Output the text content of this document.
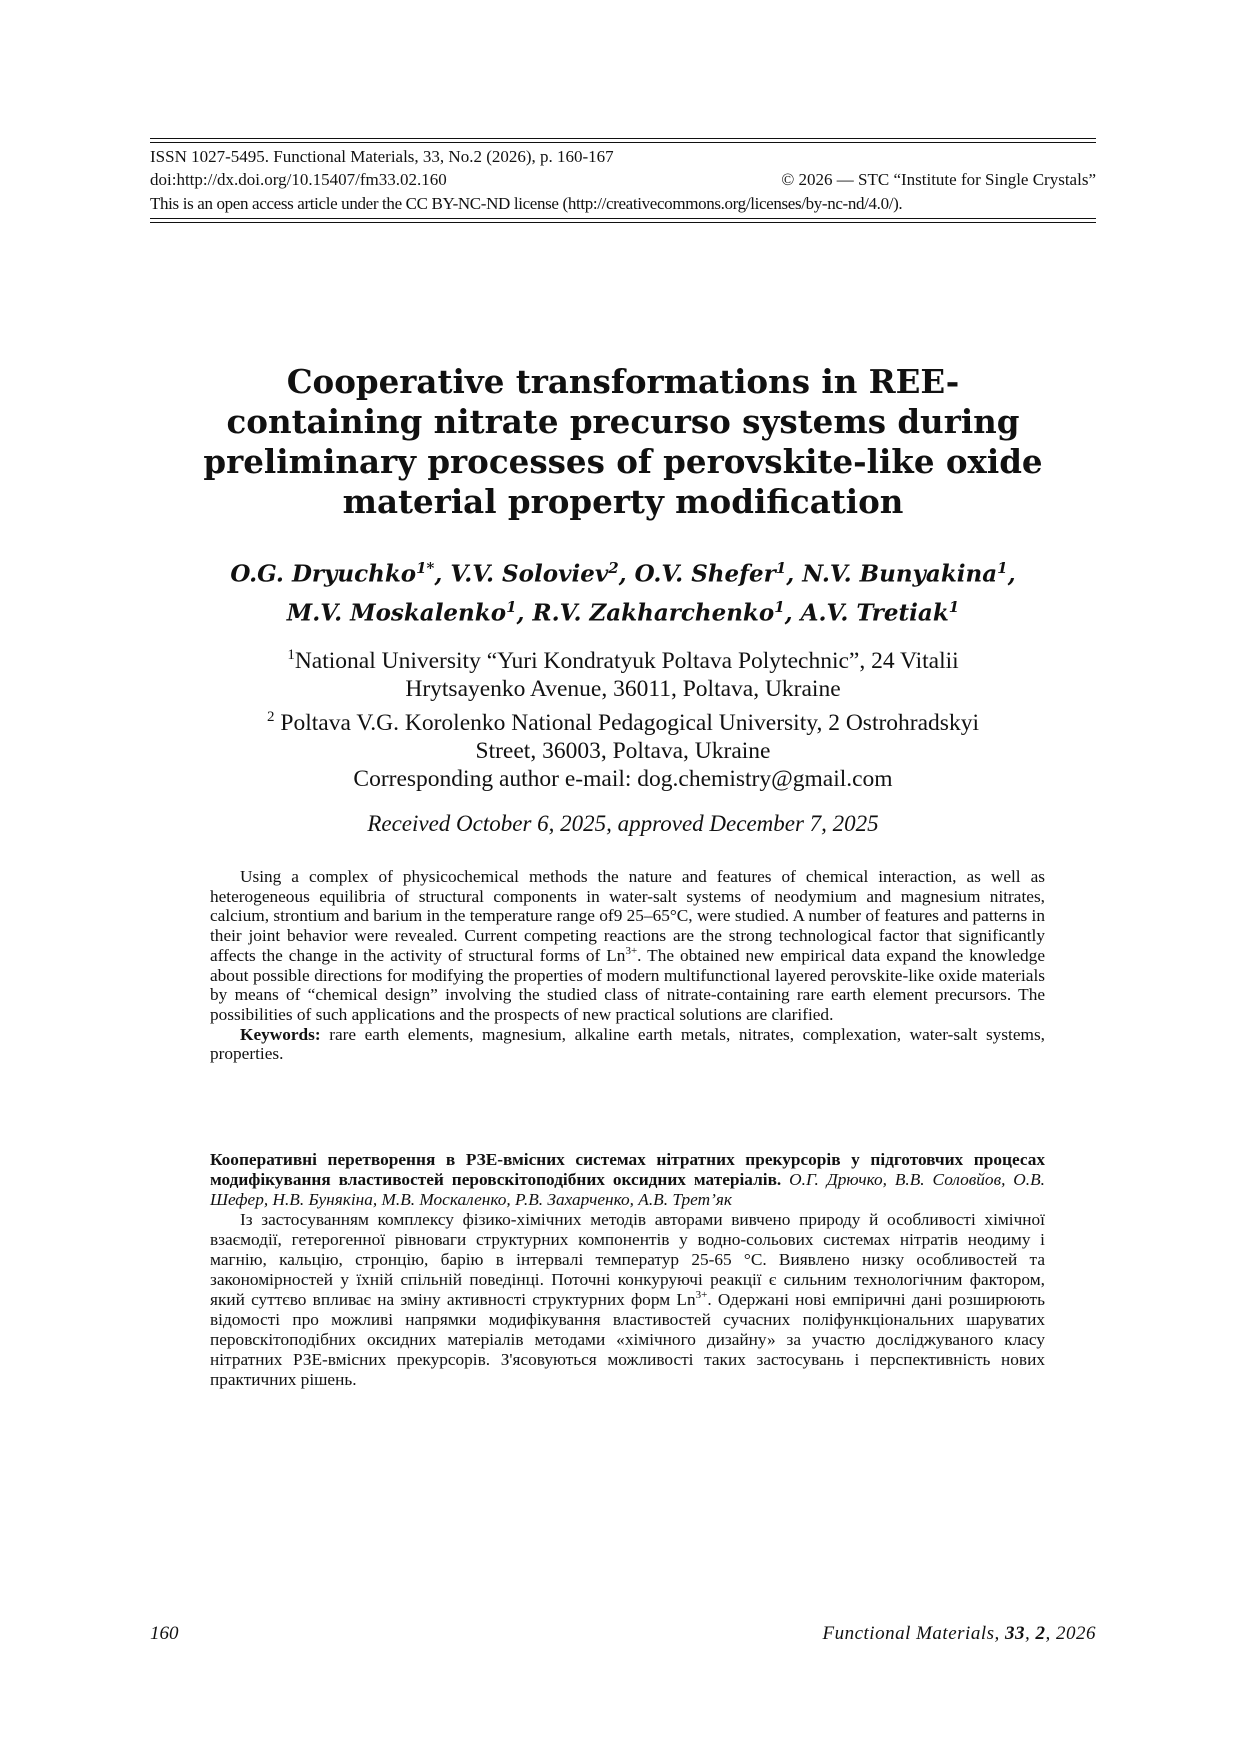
ISSN 1027-5495. Functional Materials, 33, No.2 (2026), p. 160-167
doi:http://dx.doi.org/10.15407/fm33.02.160	© 2026 — STC “Institute for Single Crystals”
This is an open access article under the CC BY-NC-ND license (http://creativecommons.org/licenses/by-nc-nd/4.0/).
Cooperative transformations in REE-
containing nitrate precurso systems during
preliminary processes of perovskite-like oxide
material property modification
O.G. Dryuchko$^{1*}$, V.V. Soloviev$^2$, O.V. Shefer$^1$, N.V. Bunyakina$^1$,
M.V. Moskalenko$^1$, R.V. Zakharchenko$^1$, A.V. Tretiak$^1$
$^1$National University “Yuri Kondratyuk Poltava Polytechnic”, 24 Vitalii
Hrytsayenko Avenue, 36011, Poltava, Ukraine
$^2$ Poltava V.G. Korolenko National Pedagogical University, 2 Ostrohradskyi
Street, 36003, Poltava, Ukraine
Corresponding author e-mail: dog.chemistry@gmail.com
Received October 6, 2025, approved December 7, 2025

Using a complex of physicochemical methods the nature and features of chemical interaction, as well as heterogeneous equilibria of structural components in water-salt systems of neodymium and magnesium nitrates, calcium, strontium and barium in the temperature range of9 25–65°C, were studied. A number of features and patterns in their joint behavior were revealed. Current competing reactions are the strong technological factor that significantly affects the change in the activity of structural forms of $Ln^{3+}$. The obtained new empirical data expand the knowledge about possible directions for modifying the properties of modern multifunctional layered perovskite-like oxide materials by means of “chemical design” involving the studied class of nitrate-containing rare earth element precursors. The possibilities of such applications and the prospects of new practical solutions are clarified.

Keywords: rare earth elements, magnesium, alkaline earth metals, nitrates, complexation, water-salt systems, properties.

Кооперативні перетворення в РЗЕ-вмісних системах нітратних прекурсорів у підготовчих процесах модифікування властивостей перовскітоподібних оксидних матеріалів. О.Г. Дрючко, В.В. Соловйов, О.В. Шефер, Н.В. Бунякіна, М.В. Москаленко, Р.В. Захарченко, А.В. Трет’як

Із застосуванням комплексу фізико-хімічних методів авторами вивчено природу й особливості хімічної взаємодії, гетерогенної рівноваги структурних компонентів у водно-сольових системах нітратів неодиму і магнію, кальцію, стронцію, барію в інтервалі температур 25-65 °С. Виявлено низку особливостей та закономірностей у їхній спільній поведінці. Поточні конкуруючі реакції є сильним технологічним фактором, який суттєво впливає на зміну активності структурних форм $Ln^{3+}$. Одержані нові емпіричні дані розширюють відомості про можливі напрямки модифікування властивостей сучасних поліфункціональних шаруватих перовскітоподібних оксидних матеріалів методами «хімічного дизайну» за участю досліджуваного класу нітратних РЗЕ-вмісних прекурсорів. З'ясовуються можливості таких застосувань і перспективність нових практичних рішень.

160	Functional Materials, 33, 2, 2026
